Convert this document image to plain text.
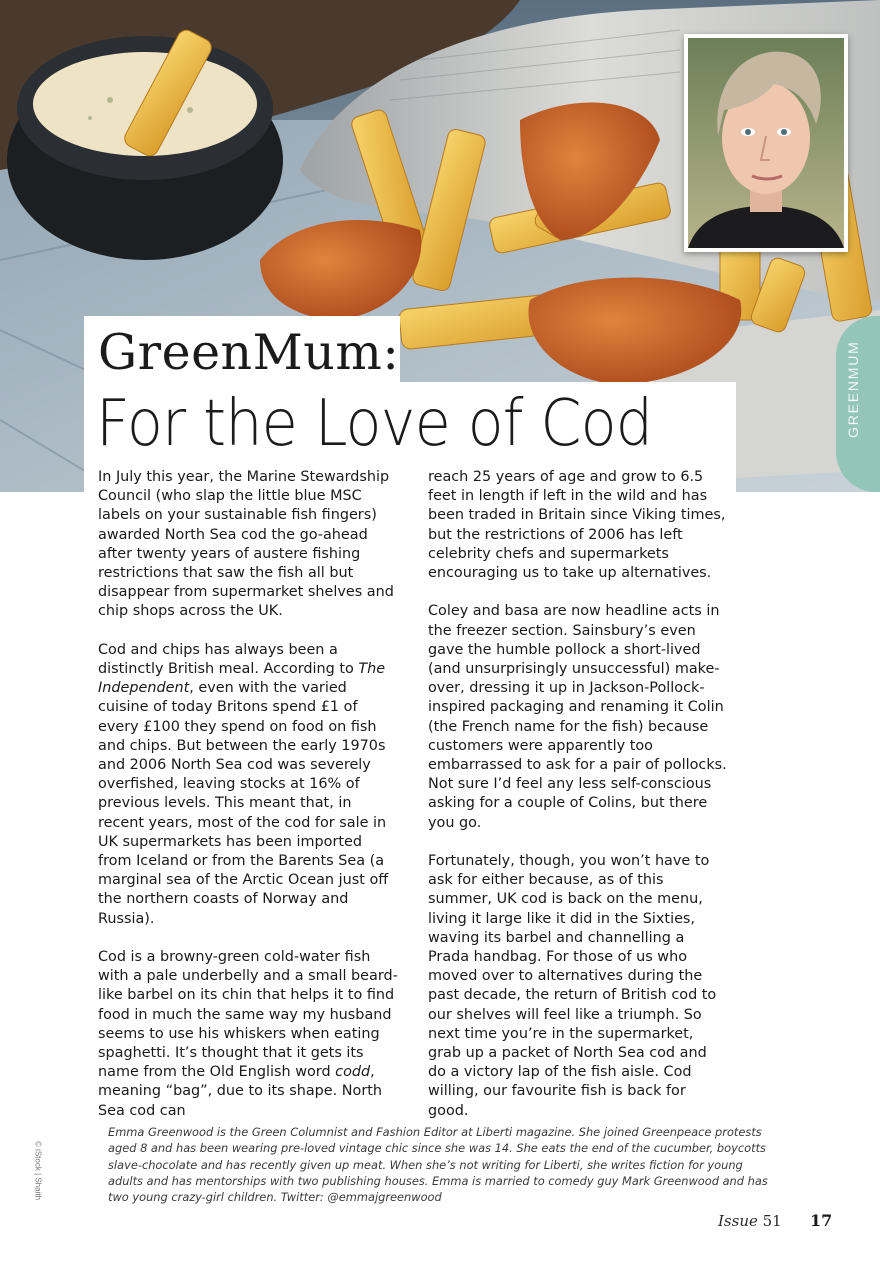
GreenMum:
For the Love of Cod	GREENMUM

In July this year, the Marine Stewardship Council (who slap the little blue MSC labels on your sustainable fish fingers) awarded North Sea cod the go-ahead after twenty years of austere fishing restrictions that saw the fish all but disappear from supermarket shelves and chip shops across the UK.

Cod and chips has always been a distinctly British meal. According to The Independent, even with the varied cuisine of today Britons spend £1 of every £100 they spend on food on fish and chips. But between the early 1970s and 2006 North Sea cod was severely overfished, leaving stocks at 16% of previous levels. This meant that, in recent years, most of the cod for sale in UK supermarkets has been imported from Iceland or from the Barents Sea (a marginal sea of the Arctic Ocean just off the northern coasts of Norway and Russia).

Cod is a browny-green cold-water fish with a pale underbelly and a small beard-like barbel on its chin that helps it to find food in much the same way my husband seems to use his whiskers when eating spaghetti. It’s thought that it gets its name from the Old English word codd, meaning “bag”, due to its shape. North Sea cod can

reach 25 years of age and grow to 6.5 feet in length if left in the wild and has been traded in Britain since Viking times, but the restrictions of 2006 has left celebrity chefs and supermarkets encouraging us to take up alternatives.

Coley and basa are now headline acts in the freezer section. Sainsbury’s even gave the humble pollock a short-lived (and unsurprisingly unsuccessful) make-over, dressing it up in Jackson-Pollock-inspired packaging and renaming it Colin (the French name for the fish) because customers were apparently too embarrassed to ask for a pair of pollocks. Not sure I’d feel any less self-conscious asking for a couple of Colins, but there you go.

Fortunately, though, you won’t have to ask for either because, as of this summer, UK cod is back on the menu, living it large like it did in the Sixties, waving its barbel and channelling a Prada handbag. For those of us who moved over to alternatives during the past decade, the return of British cod to our shelves will feel like a triumph. So next time you’re in the supermarket, grab up a packet of North Sea cod and do a victory lap of the fish aisle. Cod willing, our favourite fish is back for good.

© iStock | Shaith
Emma Greenwood is the Green Columnist and Fashion Editor at Liberti magazine. She joined Greenpeace protests aged 8 and has been wearing pre-loved vintage chic since she was 14. She eats the end of the cucumber, boycotts slave-chocolate and has recently given up meat. When she’s not writing for Liberti, she writes fiction for young adults and has mentorships with two publishing houses. Emma is married to comedy guy Mark Greenwood and has two young crazy-girl children. Twitter: @emmajgreenwood
Issue 51 17
